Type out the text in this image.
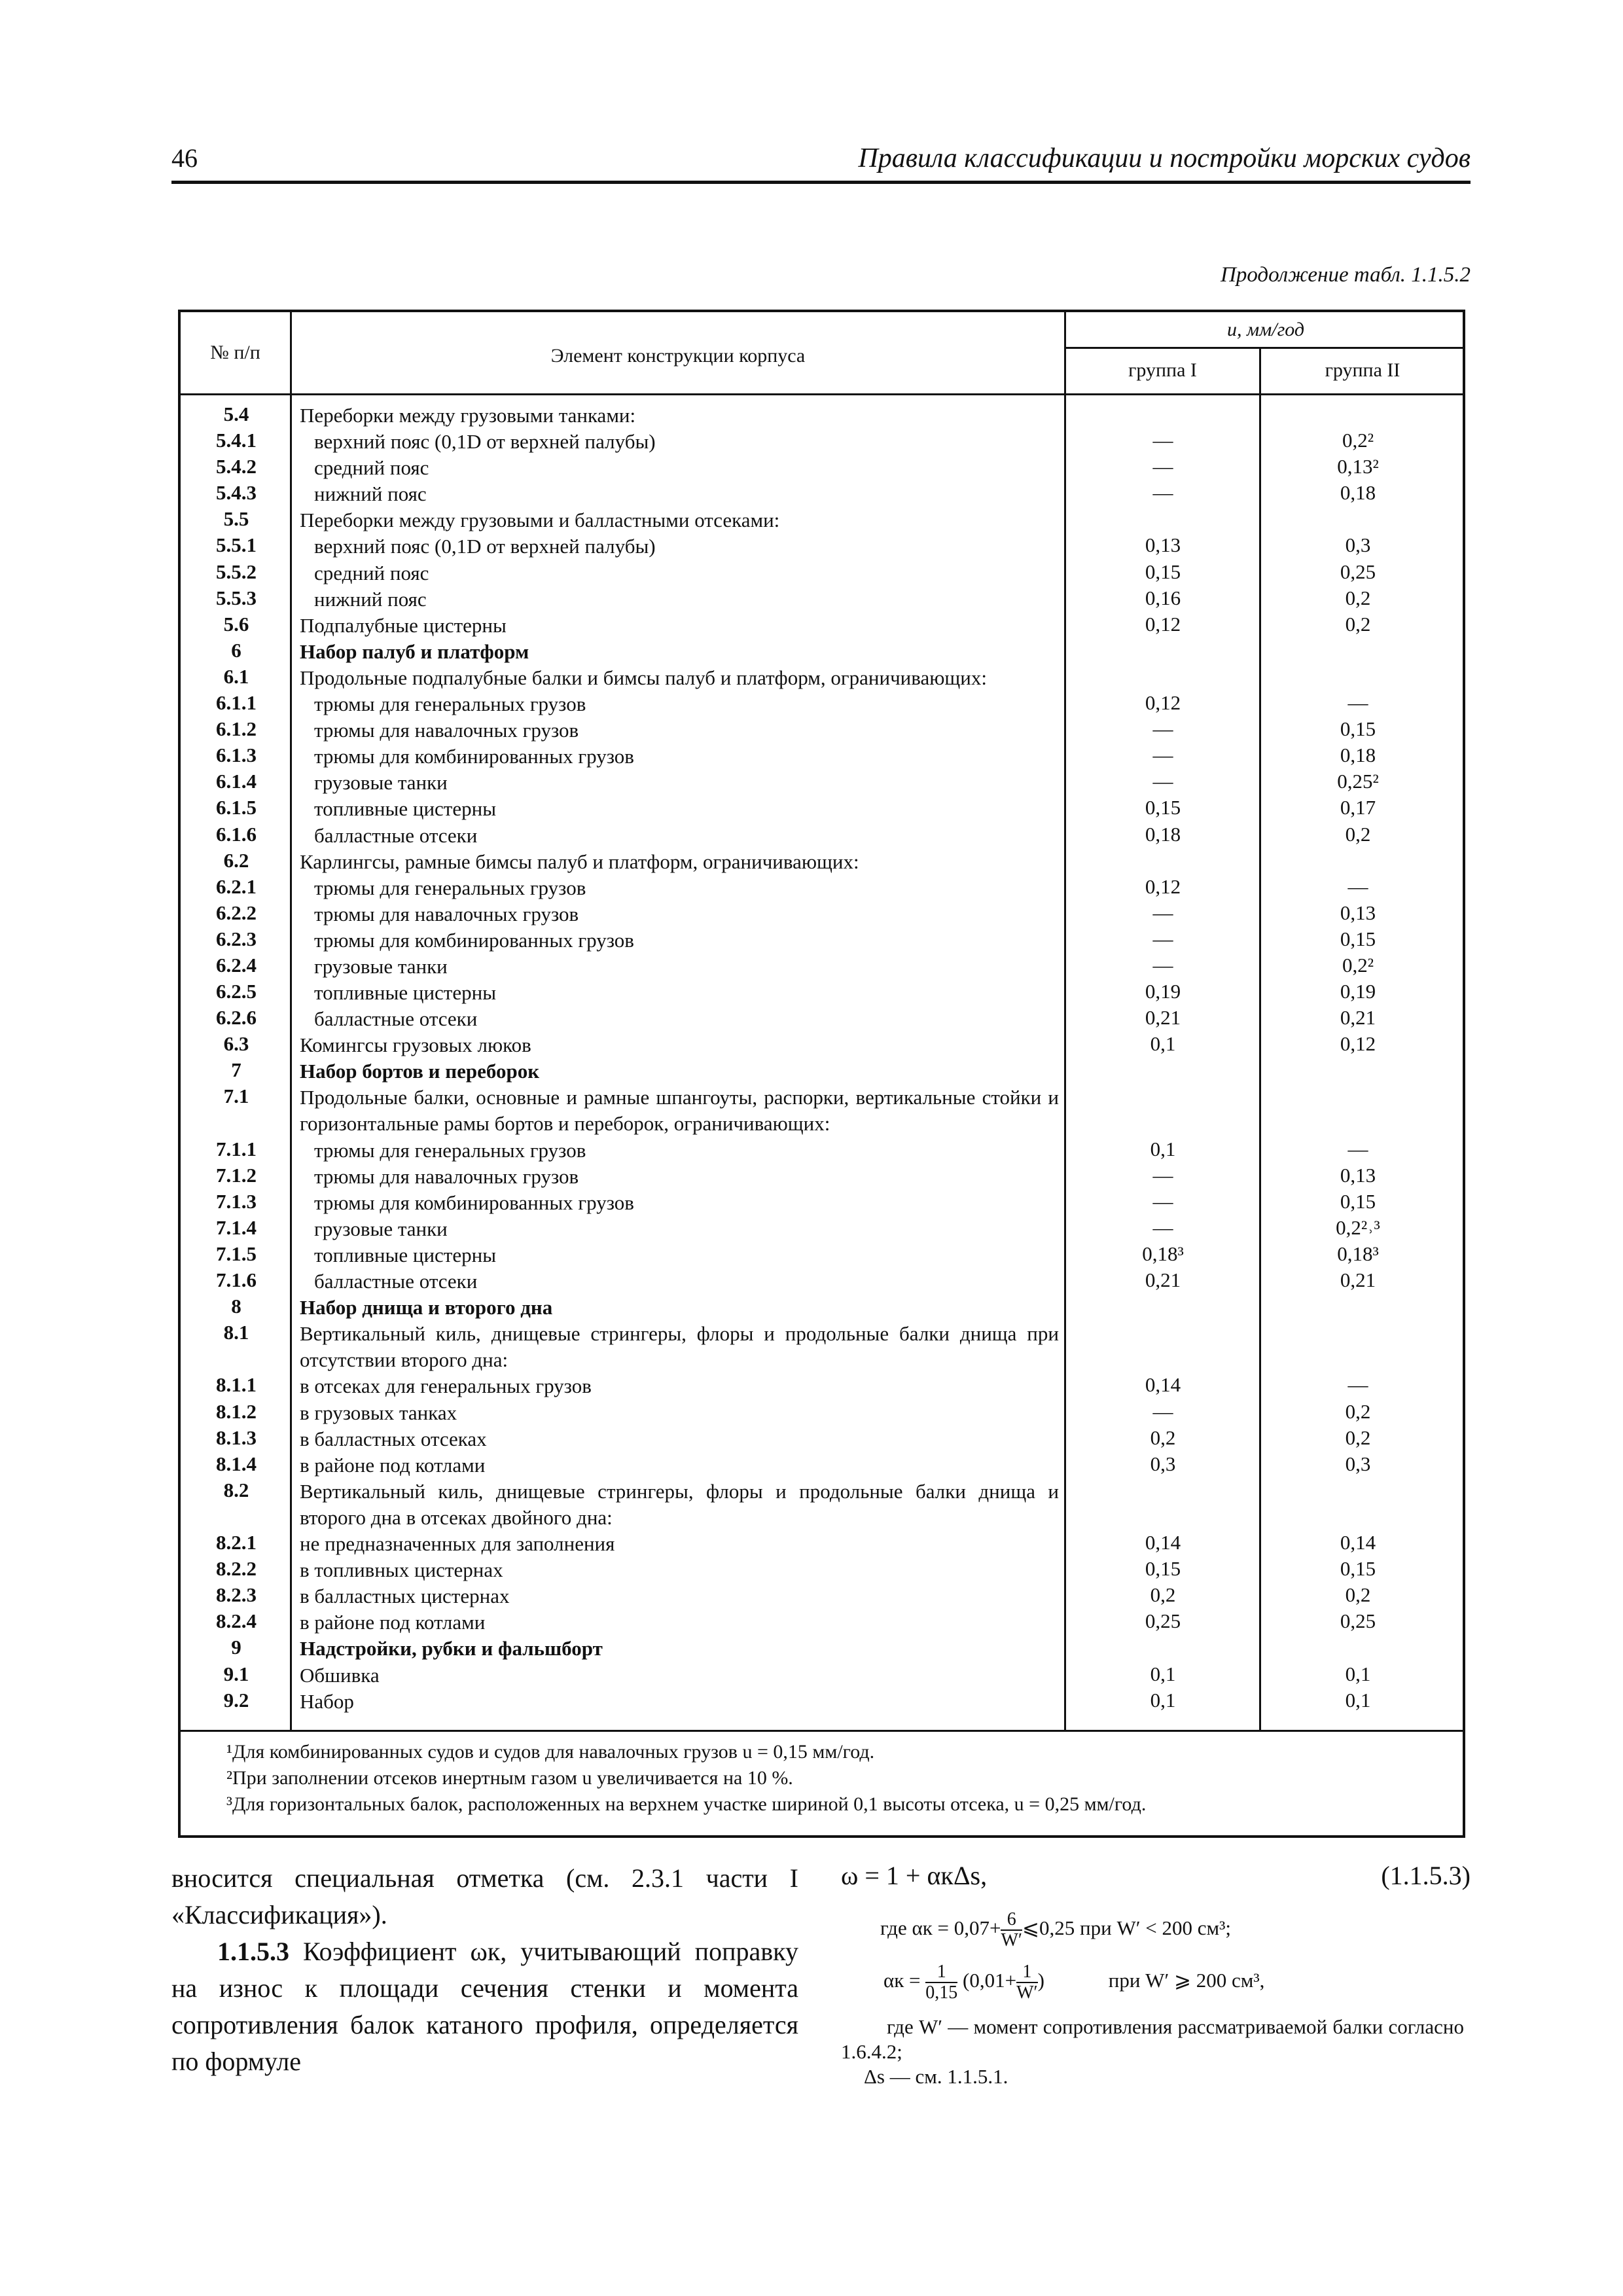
46	Правила классификации и постройки морских судов
Продолжение табл. 1.1.5.2
№ п/п	Элемент конструкции корпуса
u, мм/год
группа I	группа II
5.4	Переборки между грузовыми танками:
5.4.1	верхний пояс (0,1D от верхней палубы)	—	0,2²
5.4.2	средний пояс	—	0,13²
5.4.3	нижний пояс	—	0,18
5.5	Переборки между грузовыми и балластными отсеками:
5.5.1	верхний пояс (0,1D от верхней палубы)	0,13	0,3
5.5.2	средний пояс	0,15	0,25
5.5.3	нижний пояс	0,16	0,2
5.6	Подпалубные цистерны	0,12	0,2
6	Набор палуб и платформ
6.1	Продольные подпалубные балки и бимсы палуб и платформ, ограничивающих:
6.1.1	трюмы для генеральных грузов	0,12	—
6.1.2	трюмы для навалочных грузов	—	0,15
6.1.3	трюмы для комбинированных грузов	—	0,18
6.1.4	грузовые танки	—	0,25²
6.1.5	топливные цистерны	0,15	0,17
6.1.6	балластные отсеки	0,18	0,2
6.2	Карлингсы, рамные бимсы палуб и платформ, ограничивающих:
6.2.1	трюмы для генеральных грузов	0,12	—
6.2.2	трюмы для навалочных грузов	—	0,13
6.2.3	трюмы для комбинированных грузов	—	0,15
6.2.4	грузовые танки	—	0,2²
6.2.5	топливные цистерны	0,19	0,19
6.2.6	балластные отсеки	0,21	0,21
6.3	Комингсы грузовых люков	0,1	0,12
7	Набор бортов и переборок
7.1	Продольные балки, основные и рамные шпангоуты, распорки, вертикальные стойки и горизонтальные рамы бортов и переборок, ограничивающих:
7.1.1	трюмы для генеральных грузов	0,1	—
7.1.2	трюмы для навалочных грузов	—	0,13
7.1.3	трюмы для комбинированных грузов	—	0,15
7.1.4	грузовые танки	—	0,2²˒³
7.1.5	топливные цистерны	0,18³	0,18³
7.1.6	балластные отсеки	0,21	0,21
8	Набор днища и второго дна
8.1	Вертикальный киль, днищевые стрингеры, флоры и продольные балки днища при отсутствии второго дна:
8.1.1	в отсеках для генеральных грузов	0,14	—
8.1.2	в грузовых танках	—	0,2
8.1.3	в балластных отсеках	0,2	0,2
8.1.4	в районе под котлами	0,3	0,3
8.2	Вертикальный киль, днищевые стрингеры, флоры и продольные балки днища и второго дна в отсеках двойного дна:
8.2.1	не предназначенных для заполнения	0,14	0,14
8.2.2	в топливных цистернах	0,15	0,15
8.2.3	в балластных цистернах	0,2	0,2
8.2.4	в районе под котлами	0,25	0,25
9	Надстройки, рубки и фальшборт
9.1	Обшивка	0,1	0,1
9.2	Набор	0,1	0,1
¹Для комбинированных судов и судов для навалочных грузов u = 0,15 мм/год.
²При заполнении отсеков инертным газом u увеличивается на 10 %.
³Для горизонтальных балок, расположенных на верхнем участке шириной 0,1 высоты отсека, u = 0,25 мм/год.
вносится специальная отметка (см. 2.3.1 части I «Классификация»).
1.1.5.3 Коэффициент ωк, учитывающий поправку на износ к площади сечения стенки и момента сопротивления балок катаного профиля, определяется по формуле
ω = 1 + αкΔs,	(1.1.5.3)
где $\alpha к = 0,07+ \frac{6}{W'}$ ⩽0,25 при W′ < 200 см³;
$\alpha к = \frac{1}{0,15} (0,01+ \frac{1}{W'}$ )	при W′ ⩾ 200 см³,
где W′ — момент сопротивления рассматриваемой балки согласно 1.6.4.2;
Δs — см. 1.1.5.1.
